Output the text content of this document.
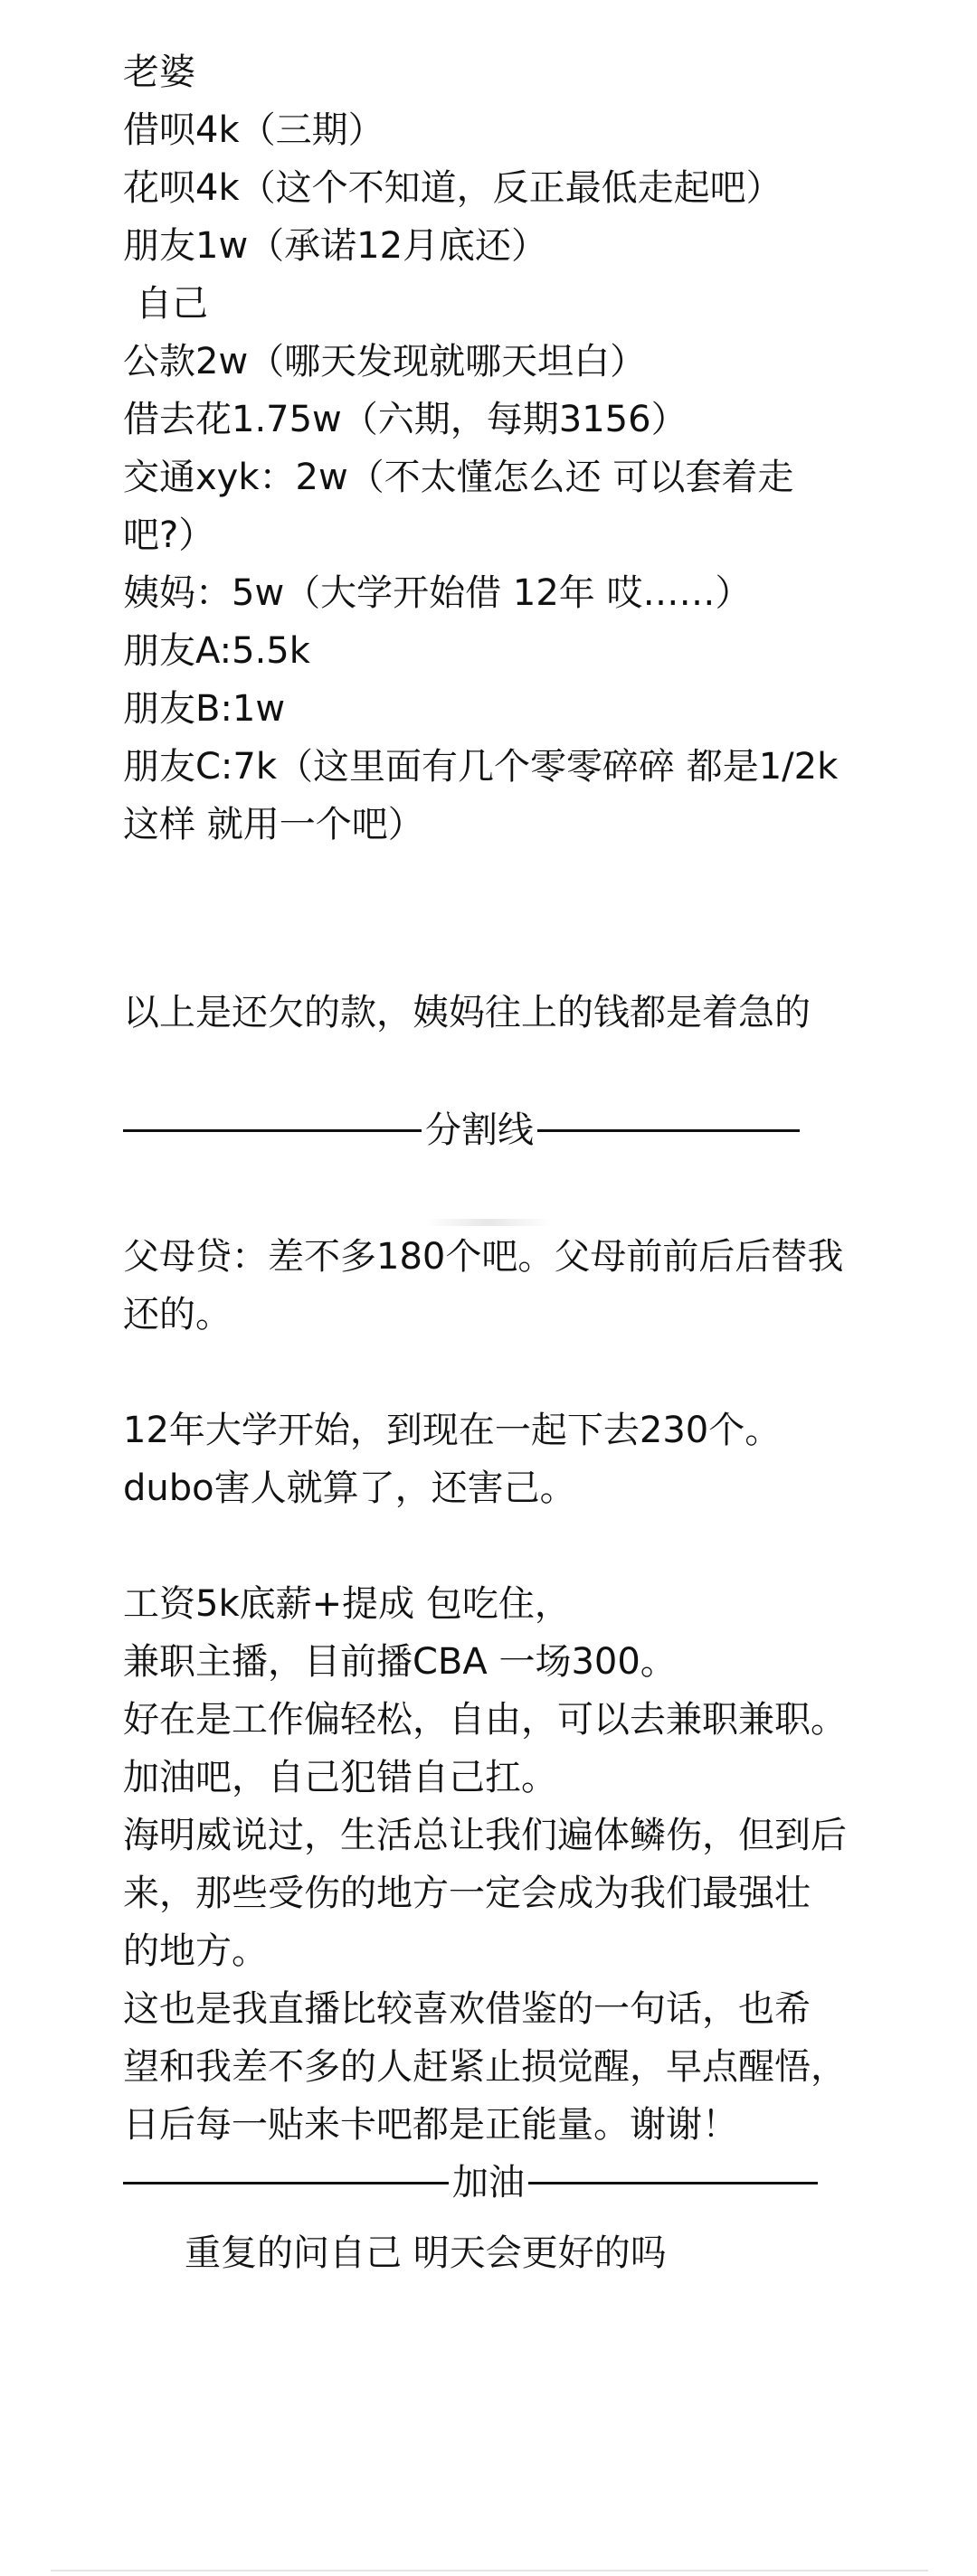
老婆
借呗4k（三期）
花呗4k（这个不知道，反正最低走起吧）
朋友1w（承诺12月底还）
自己
公款2w（哪天发现就哪天坦白）
借去花1.75w（六期，每期3156）
交通xyk：2w（不太懂怎么还 可以套着走
吧?）
姨妈：5w（大学开始借 12年 哎……）
朋友A:5.5k
朋友B:1w
朋友C:7k（这里面有几个零零碎碎 都是1/2k
这样 就用一个吧）
以上是还欠的款，姨妈往上的钱都是着急的
分割线
父母贷：差不多180个吧。父母前前后后替我
还的。
12年大学开始，到现在一起下去230个。
dubo害人就算了，还害己。
工资5k底薪+提成 包吃住，
兼职主播，目前播CBA 一场300。
好在是工作偏轻松，自由，可以去兼职兼职。
加油吧，自己犯错自己扛。
海明威说过，生活总让我们遍体鳞伤，但到后
来，那些受伤的地方一定会成为我们最强壮
的地方。
这也是我直播比较喜欢借鉴的一句话，也希
望和我差不多的人赶紧止损觉醒，早点醒悟，
日后每一贴来卡吧都是正能量。谢谢！
加油
重复的问自己 明天会更好的吗
